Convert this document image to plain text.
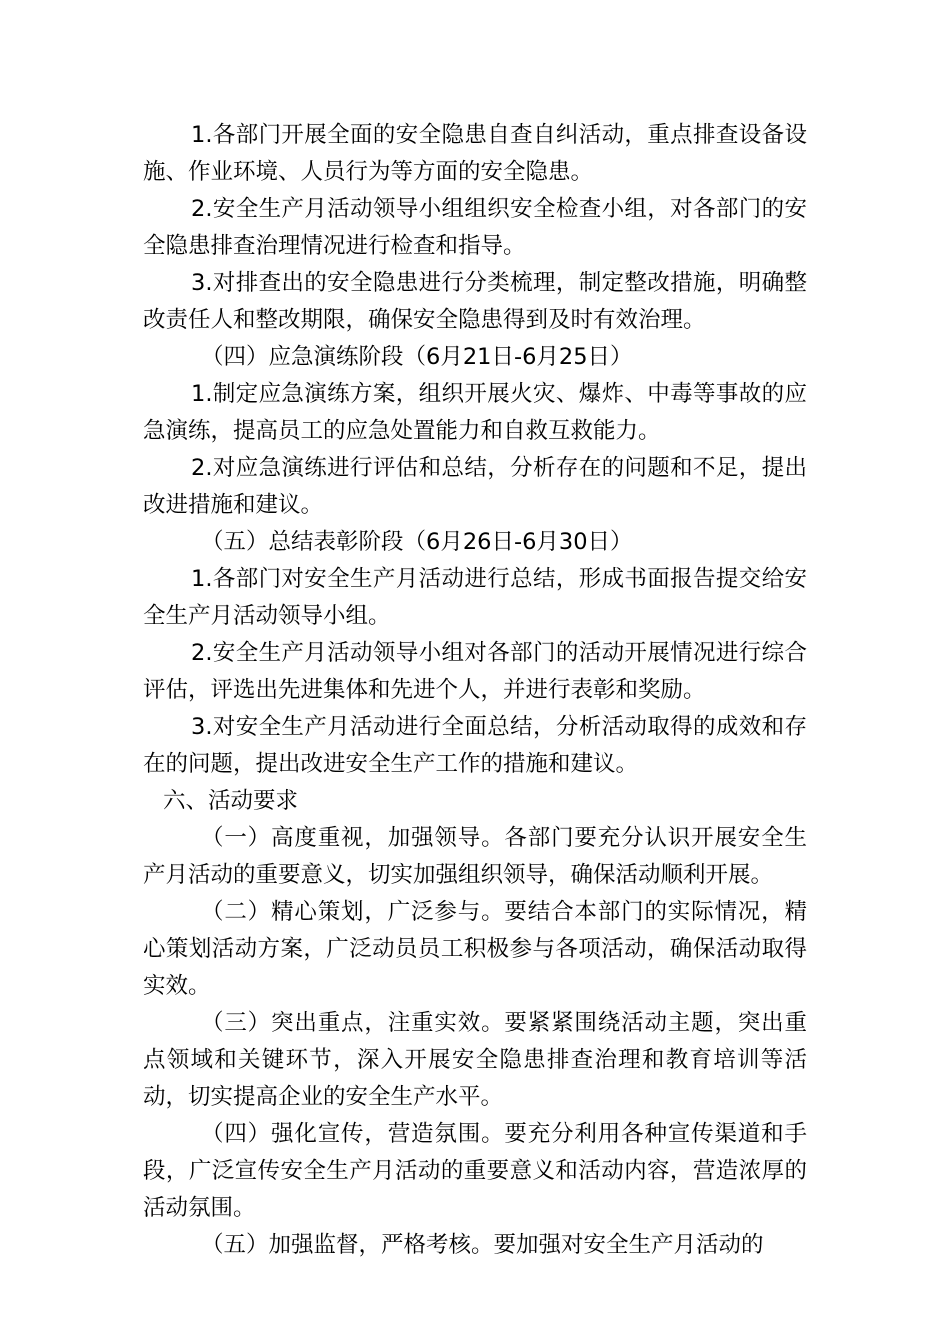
1.各部门开展全面的安全隐患自查自纠活动，重点排查设备设施、作业环境、人员行为等方面的安全隐患。

2.安全生产月活动领导小组组织安全检查小组，对各部门的安全隐患排查治理情况进行检查和指导。

3.对排查出的安全隐患进行分类梳理，制定整改措施，明确整改责任人和整改期限，确保安全隐患得到及时有效治理。

（四）应急演练阶段（6月21日-6月25日）

1.制定应急演练方案，组织开展火灾、爆炸、中毒等事故的应急演练，提高员工的应急处置能力和自救互救能力。

2.对应急演练进行评估和总结，分析存在的问题和不足，提出改进措施和建议。

（五）总结表彰阶段（6月26日-6月30日）

1.各部门对安全生产月活动进行总结，形成书面报告提交给安全生产月活动领导小组。

2.安全生产月活动领导小组对各部门的活动开展情况进行综合评估，评选出先进集体和先进个人，并进行表彰和奖励。

3.对安全生产月活动进行全面总结，分析活动取得的成效和存在的问题，提出改进安全生产工作的措施和建议。

六、活动要求

（一）高度重视，加强领导。各部门要充分认识开展安全生产月活动的重要意义，切实加强组织领导，确保活动顺利开展。

（二）精心策划，广泛参与。要结合本部门的实际情况，精心策划活动方案，广泛动员员工积极参与各项活动，确保活动取得实效。

（三）突出重点，注重实效。要紧紧围绕活动主题，突出重点领域和关键环节，深入开展安全隐患排查治理和教育培训等活动，切实提高企业的安全生产水平。

（四）强化宣传，营造氛围。要充分利用各种宣传渠道和手段，广泛宣传安全生产月活动的重要意义和活动内容，营造浓厚的活动氛围。

（五）加强监督，严格考核。要加强对安全生产月活动的
